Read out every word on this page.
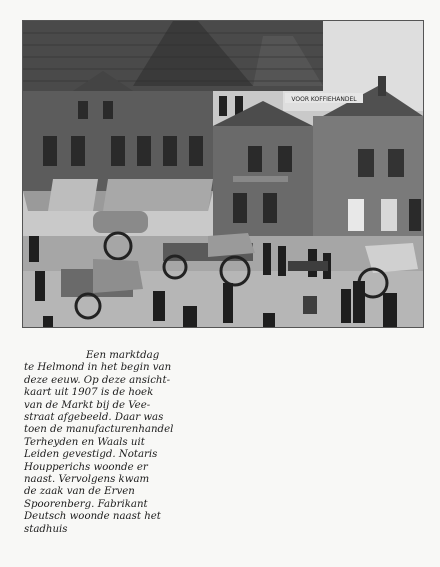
VOOR KOFFIEHANDEL
Een marktdag
te Helmond in het begin van
deze eeuw. Op deze ansicht-
kaart uit 1907 is de hoek
van de Markt bij de Vee-
straat afgebeeld. Daar was
toen de manufacturenhandel
Terheyden en Waals uit
Leiden gevestigd. Notaris
Houpperichs woonde er
naast. Vervolgens kwam
de zaak van de Erven
Spoorenberg. Fabrikant
Deutsch woonde naast het
stadhuis
